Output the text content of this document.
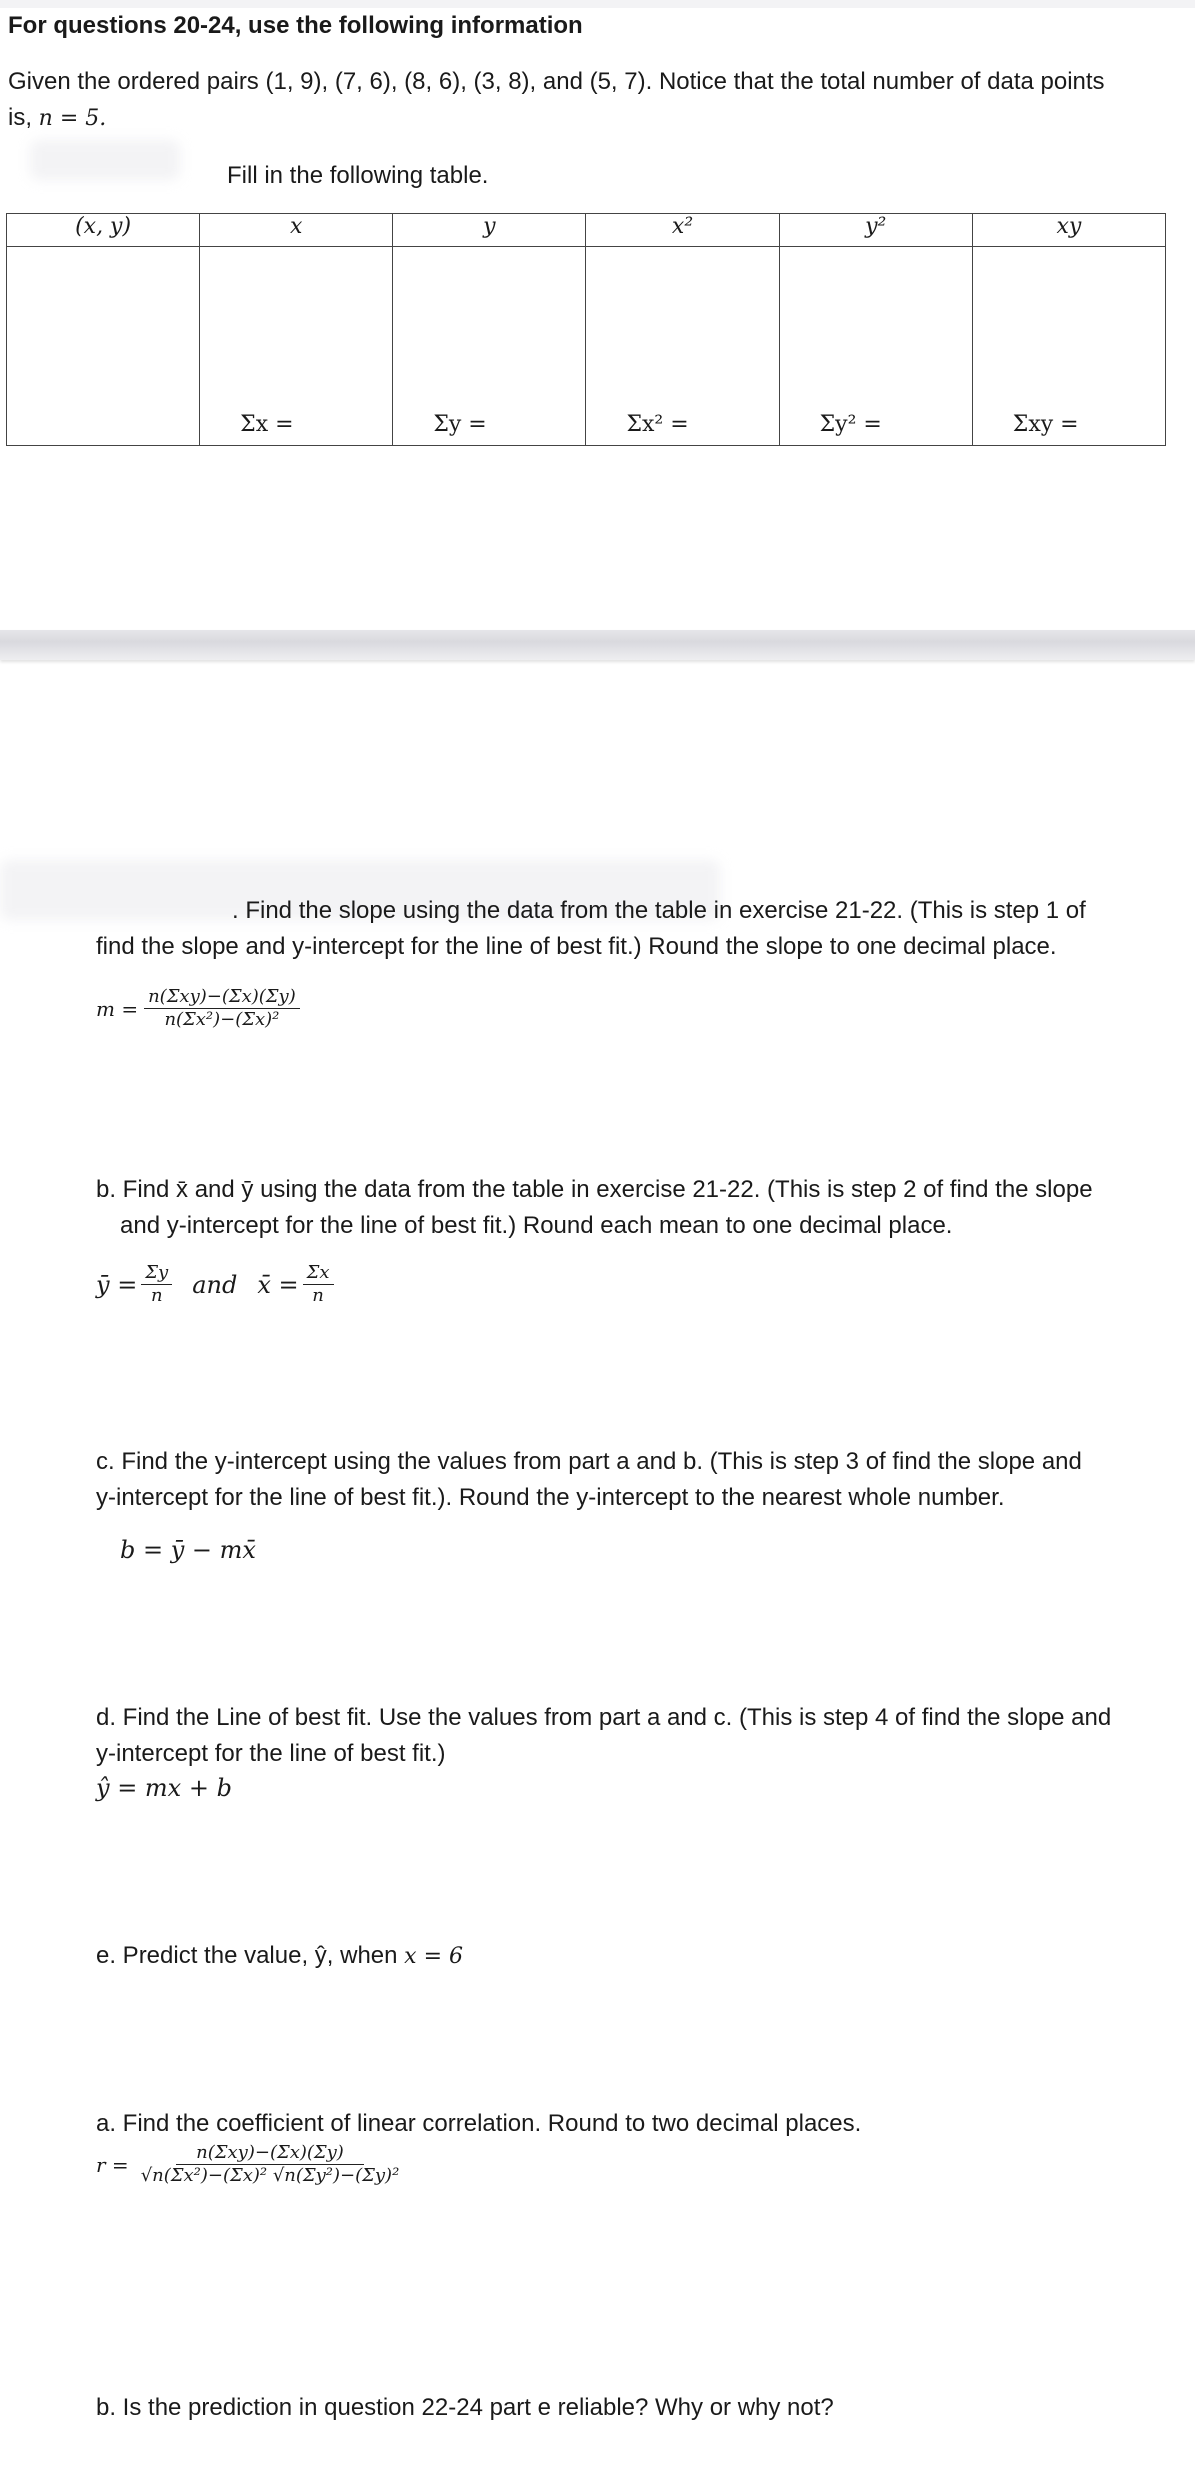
For questions 20-24, use the following information
Given the ordered pairs (1, 9), (7, 6), (8, 6), (3, 8), and (5, 7). Notice that the total number of data points
is, n = 5.
Fill in the following table.
(x, y)	x	y	x²	y²	xy

	Σx =	Σy =	Σx² =	Σy² =	Σxy =
. Find the slope using the data from the table in exercise 21-22. (This is step 1 of
find the slope and y-intercept for the line of best fit.) Round the slope to one decimal place.
$m = \frac{\text{n(Σxy)−(Σx)(Σy)}}{\text{n(Σx²)−(Σx)²}}$
b. Find x̄ and ȳ using the data from the table in exercise 21-22. (This is step 2 of find the slope
and y-intercept for the line of best fit.) Round each mean to one decimal place.
ȳ = $\frac{\Sigma y}{n}$ and x̄ = $\frac{\Sigma x}{n}$
c. Find the y-intercept using the values from part a and b. (This is step 3 of find the slope and
y-intercept for the line of best fit.). Round the y-intercept to the nearest whole number.
b = ȳ − mx̄
d. Find the Line of best fit. Use the values from part a and c. (This is step 4 of find the slope and
y-intercept for the line of best fit.)
ŷ = mx + b
e. Predict the value, ŷ, when x = 6
a. Find the coefficient of linear correlation. Round to two decimal places.
$r = \frac{\text{n(Σxy)−(Σx)(Σy)}}{\text{√n(Σx²)−(Σx)² √n(Σy²)−(Σy)²}}$
b. Is the prediction in question 22-24 part e reliable? Why or why not?
